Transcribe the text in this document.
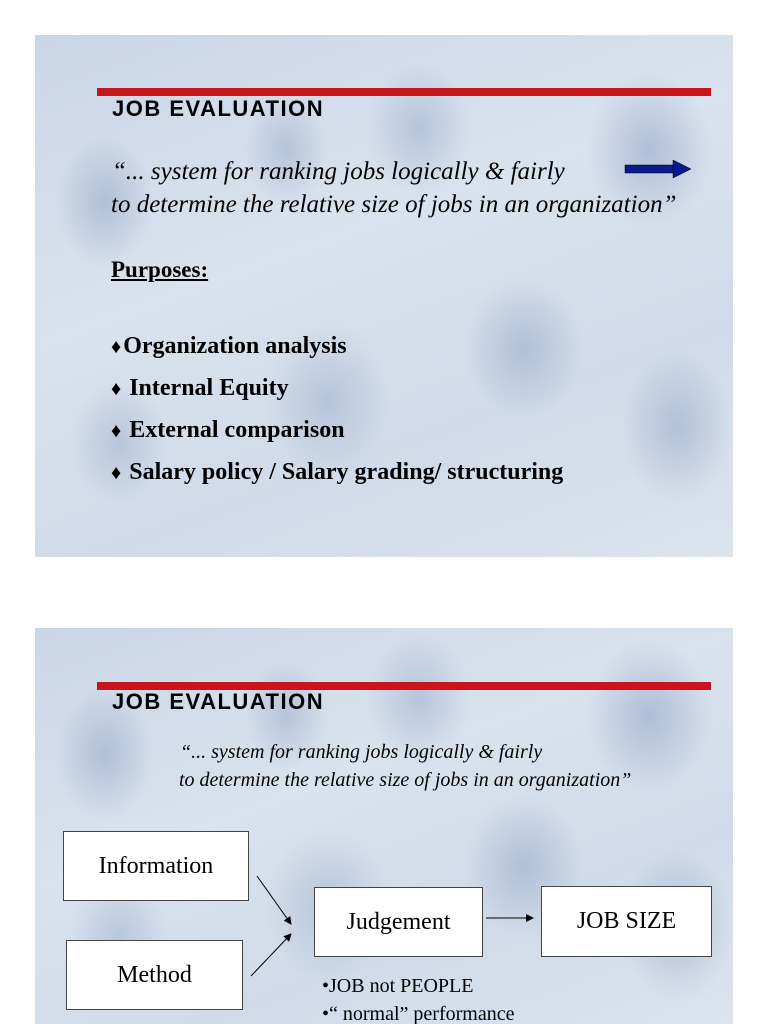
JOB EVALUATION

“... system for ranking jobs logically & fairly

to determine the relative size of jobs in an organization”

Purposes:
♦Organization analysis
♦ Internal Equity
♦ External comparison
♦ Salary policy / Salary grading/ structuring
JOB EVALUATION

“... system for ranking jobs logically & fairly

to determine the relative size of jobs in an organization”

Information
Method
Judgement	JOB SIZE
•JOB not PEOPLE
•“ normal” performance
